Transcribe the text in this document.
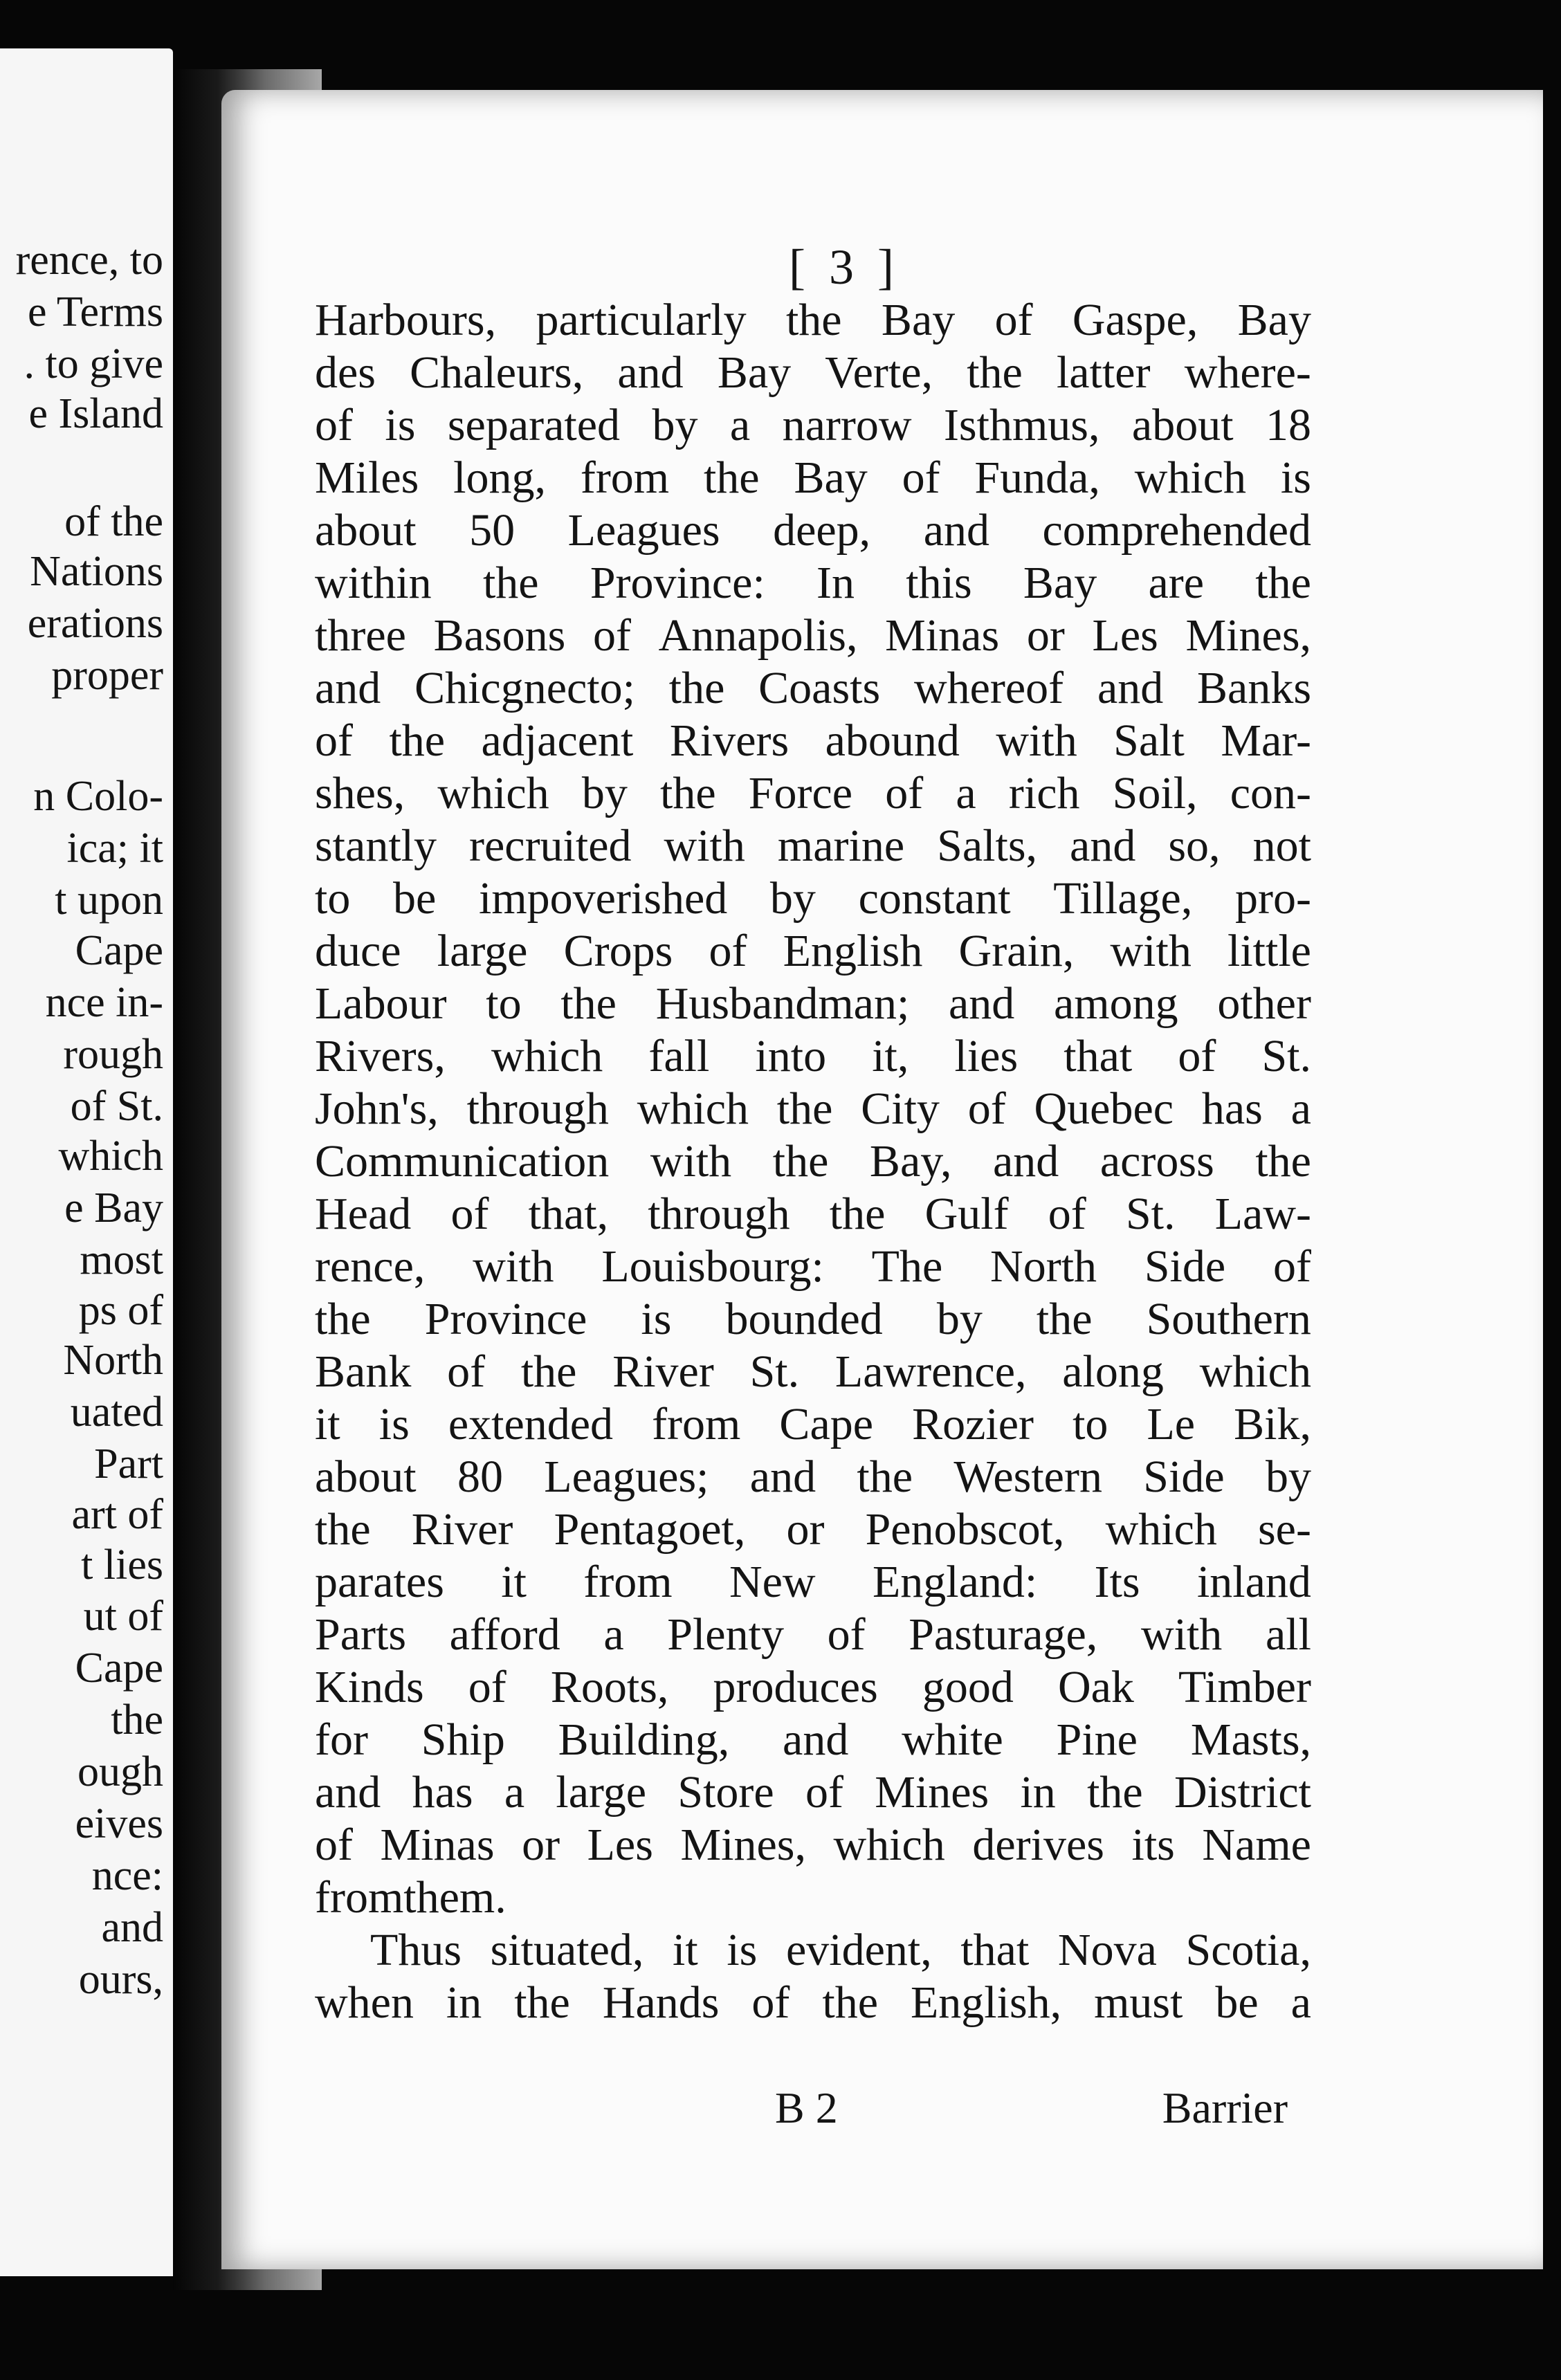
rence, to
e Terms
. to give
e Island
of the
Nations
erations
proper
n Colo-
ica; it
t upon
Cape
nce in-
rough
of St.
which
e Bay
most
ps of
North
uated
Part
art of
t lies
ut of
Cape
the
ough
eives
nce:
and
ours,
[ 3 ]
Harbours, particularly the Bay of Gaspe, Bay
des Chaleurs, and Bay Verte, the latter where-
of is separated by a narrow Isthmus, about 18
Miles long, from the Bay of Funda, which is
about 50 Leagues deep, and comprehended
within the Province: In this Bay are the
three Basons of Annapolis, Minas or Les Mines,
and Chicgnecto; the Coasts whereof and Banks
of the adjacent Rivers abound with Salt Mar-
shes, which by the Force of a rich Soil, con-
stantly recruited with marine Salts, and so, not
to be impoverished by constant Tillage, pro-
duce large Crops of English Grain, with little
Labour to the Husbandman; and among other
Rivers, which fall into it, lies that of St.
John's, through which the City of Quebec has a
Communication with the Bay, and across the
Head of that, through the Gulf of St. Law-
rence, with Louisbourg: The North Side of
the Province is bounded by the Southern
Bank of the River St. Lawrence, along which
it is extended from Cape Rozier to Le Bik,
about 80 Leagues; and the Western Side by
the River Pentagoet, or Penobscot, which se-
parates it from New England: Its inland
Parts afford a Plenty of Pasturage, with all
Kinds of Roots, produces good Oak Timber
for Ship Building, and white Pine Masts,
and has a large Store of Mines in the District
of Minas or Les Mines, which derives its Name
from them.
Thus situated, it is evident, that Nova Scotia,
when in the Hands of the English, must be a
B 2	Barrier
